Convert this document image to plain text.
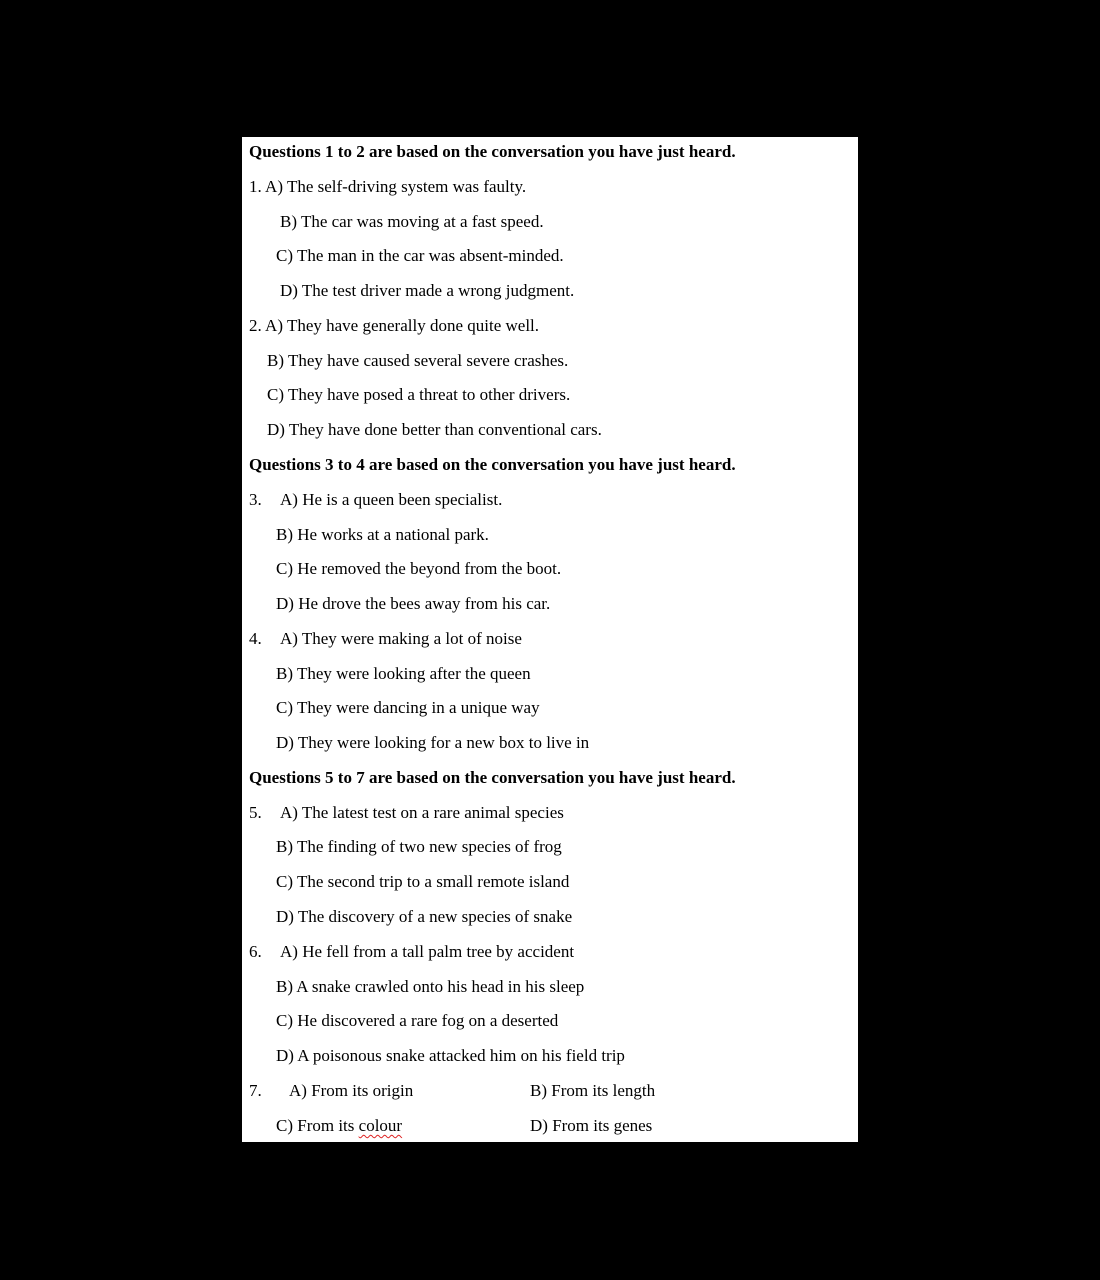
Questions 1 to 2 are based on the conversation you have just heard.
1. A) The self-driving system was faulty.
B) The car was moving at a fast speed.
C) The man in the car was absent-minded.
D) The test driver made a wrong judgment.
2. A) They have generally done quite well.
B) They have caused several severe crashes.
C) They have posed a threat to other drivers.
D) They have done better than conventional cars.
Questions 3 to 4 are based on the conversation you have just heard.
3. A) He is a queen been specialist.
B) He works at a national park.
C) He removed the beyond from the boot.
D) He drove the bees away from his car.
4. A) They were making a lot of noise
B) They were looking after the queen
C) They were dancing in a unique way
D) They were looking for a new box to live in
Questions 5 to 7 are based on the conversation you have just heard.
5. A) The latest test on a rare animal species
B) The finding of two new species of frog
C) The second trip to a small remote island
D) The discovery of a new species of snake
6. A) He fell from a tall palm tree by accident
B) A snake crawled onto his head in his sleep
C) He discovered a rare fog on a deserted
D) A poisonous snake attacked him on his field trip
7. A) From its origin	B) From its length
C) From its colour	D) From its genes
